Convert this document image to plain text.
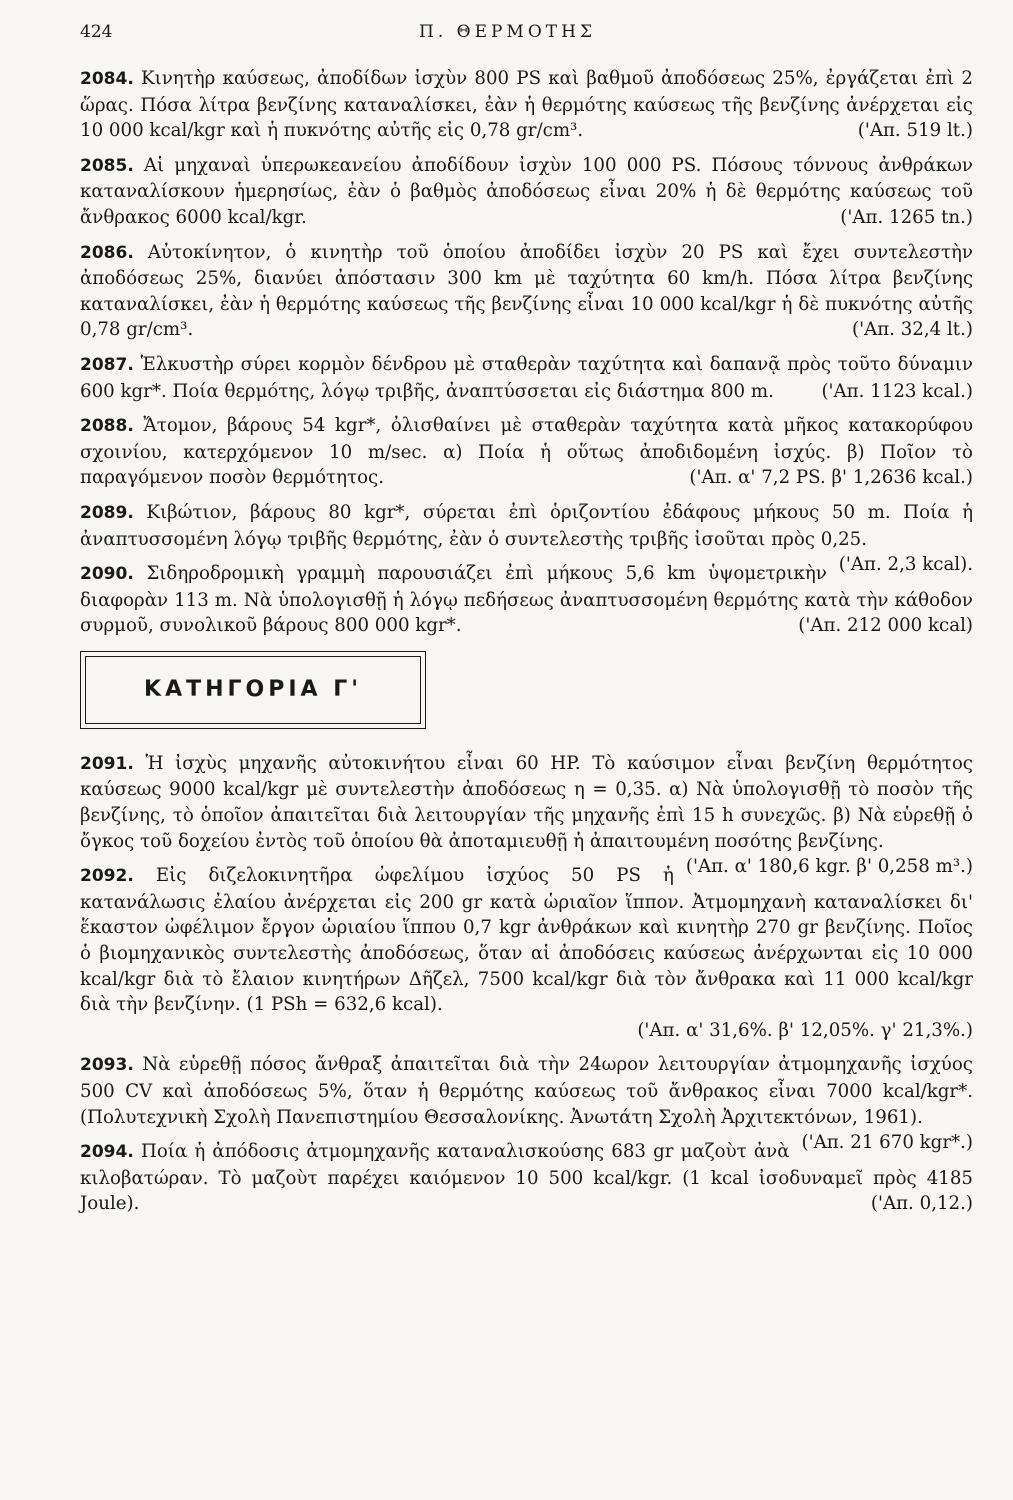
424	Π. ΘΕΡΜΟΤΗΣ

2084. Κινητὴρ καύσεως, ἀποδίδων ἰσχὺν 800 PS καὶ βαθμοῦ ἀποδόσεως 25%, ἐργάζεται ἐπὶ 2 ὥρας. Πόσα λίτρα βενζίνης καταναλίσκει, ἐὰν ἡ θερμότης καύσεως τῆς βενζίνης ἀνέρχεται εἰς 10 000 kcal/kgr καὶ ἡ πυκνότης αὐτῆς εἰς 0,78 gr/cm³.	('Απ. 519 lt.)

2085. Αἱ μηχαναὶ ὑπερωκεανείου ἀποδίδουν ἰσχὺν 100 000 PS. Πόσους τόννους ἀνθράκων καταναλίσκουν ἡμερησίως, ἐὰν ὁ βαθμὸς ἀποδόσεως εἶναι 20% ἡ δὲ θερμότης καύσεως τοῦ ἄνθρακος 6000 kcal/kgr.	('Απ. 1265 tn.)

2086. Αὐτοκίνητον, ὁ κινητὴρ τοῦ ὁποίου ἀποδίδει ἰσχὺν 20 PS καὶ ἔχει συντελεστὴν ἀποδόσεως 25%, διανύει ἀπόστασιν 300 km μὲ ταχύτητα 60 km/h. Πόσα λίτρα βενζίνης καταναλίσκει, ἐὰν ἡ θερμότης καύσεως τῆς βενζίνης εἶναι 10 000 kcal/kgr ἡ δὲ πυκνότης αὐτῆς 0,78 gr/cm³.	('Απ. 32,4 lt.)

2087. Ἑλκυστὴρ σύρει κορμὸν δένδρου μὲ σταθερὰν ταχύτητα καὶ δαπανᾷ πρὸς τοῦτο δύναμιν 600 kgr*. Ποία θερμότης, λόγῳ τριβῆς, ἀναπτύσσεται εἰς διάστημα 800 m.	('Απ. 1123 kcal.)

2088. Ἄτομον, βάρους 54 kgr*, ὀλισθαίνει μὲ σταθερὰν ταχύτητα κατὰ μῆκος κατακορύφου σχοινίου, κατερχόμενον 10 m/sec. α) Ποία ἡ οὕτως ἀποδιδομένη ἰσχύς. β) Ποῖον τὸ παραγόμενον ποσὸν θερμότητος.	('Απ. α' 7,2 PS. β' 1,2636 kcal.)

2089. Κιβώτιον, βάρους 80 kgr*, σύρεται ἐπὶ ὁριζοντίου ἐδάφους μήκους 50 m. Ποία ἡ ἀναπτυσσομένη λόγῳ τριβῆς θερμότης, ἐὰν ὁ συντελεστὴς τριβῆς ἰσοῦται πρὸς 0,25.
('Απ. 2,3 kcal).

2090. Σιδηροδρομικὴ γραμμὴ παρουσιάζει ἐπὶ μήκους 5,6 km ὑψομετρικὴν διαφορὰν 113 m. Νὰ ὑπολογισθῇ ἡ λόγῳ πεδήσεως ἀναπτυσσομένη θερμότης κατὰ τὴν κάθοδον συρμοῦ, συνολικοῦ βάρους 800 000 kgr*.	('Απ. 212 000 kcal)

ΚΑΤΗΓΟΡΙΑ Γ'

2091. Ἡ ἰσχὺς μηχανῆς αὐτοκινήτου εἶναι 60 HP. Τὸ καύσιμον εἶναι βενζίνη θερμότητος καύσεως 9000 kcal/kgr μὲ συντελεστὴν ἀποδόσεως η = 0,35. α) Νὰ ὑπολογισθῇ τὸ ποσὸν τῆς βενζίνης, τὸ ὁποῖον ἀπαιτεῖται διὰ λειτουργίαν τῆς μηχανῆς ἐπὶ 15 h συνεχῶς. β) Νὰ εὑρεθῇ ὁ ὄγκος τοῦ δοχείου ἐντὸς τοῦ ὁποίου θὰ ἀποταμιευθῇ ἡ ἀπαιτουμένη ποσότης βενζίνης.
('Απ. α' 180,6 kgr. β' 0,258 m³.)

2092. Εἰς διζελοκινητῆρα ὠφελίμου ἰσχύος 50 PS ἡ κατανάλωσις ἐλαίου ἀνέρχεται εἰς 200 gr κατὰ ὡριαῖον ἵππον. Ἀτμομηχανὴ καταναλίσκει δι' ἕκαστον ὠφέλιμον ἔργον ὡριαίου ἵππου 0,7 kgr ἀνθράκων καὶ κινητὴρ 270 gr βενζίνης. Ποῖος ὁ βιομηχανικὸς συντελεστὴς ἀποδόσεως, ὅταν αἱ ἀποδόσεις καύσεως ἀνέρχωνται εἰς 10 000 kcal/kgr διὰ τὸ ἔλαιον κινητήρων Δῆζελ, 7500 kcal/kgr διὰ τὸν ἄνθρακα καὶ 11 000 kcal/kgr διὰ τὴν βενζίνην. (1 PSh = 632,6 kcal).

('Απ. α' 31,6%. β' 12,05%. γ' 21,3%.)

2093. Νὰ εὑρεθῇ πόσος ἄνθραξ ἀπαιτεῖται διὰ τὴν 24ωρον λειτουργίαν ἀτμομηχανῆς ἰσχύος 500 CV καὶ ἀποδόσεως 5%, ὅταν ἡ θερμότης καύσεως τοῦ ἄνθρακος εἶναι 7000 kcal/kgr*. (Πολυτεχνικὴ Σχολὴ Πανεπιστημίου Θεσσαλονίκης. Ἀνωτάτη Σχολὴ Ἀρχιτεκτόνων, 1961).
('Απ. 21 670 kgr*.)

2094. Ποία ἡ ἀπόδοσις ἀτμομηχανῆς καταναλισκούσης 683 gr μαζοὺτ ἀνὰ κιλοβατώραν. Τὸ μαζοὺτ παρέχει καιόμενον 10 500 kcal/kgr. (1 kcal ἰσοδυναμεῖ πρὸς 4185 Joule).	('Απ. 0,12.)
